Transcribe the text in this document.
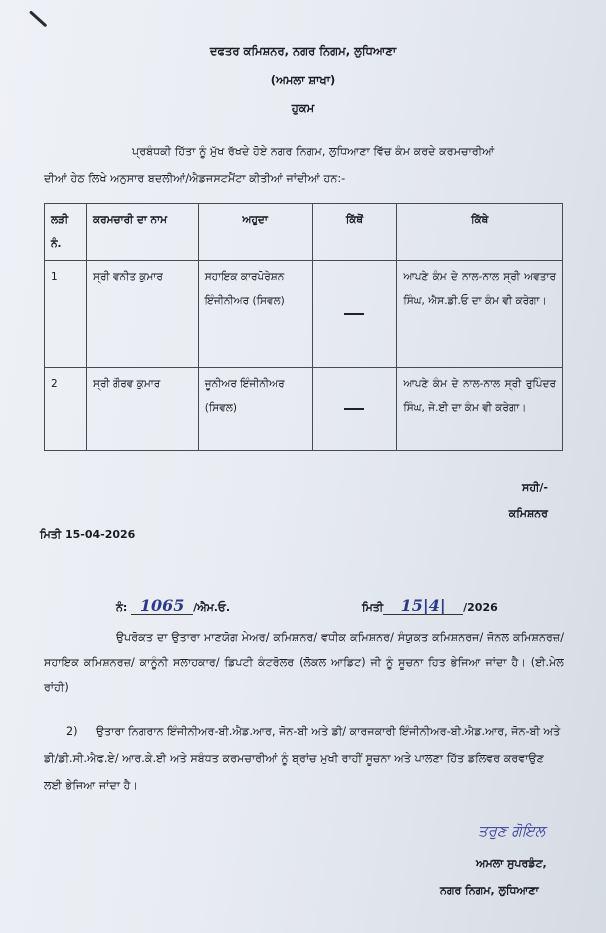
ਦਫਤਰ ਕਮਿਸ਼ਨਰ, ਨਗਰ ਨਿਗਮ, ਲੁਧਿਆਣਾ
(ਅਮਲਾ ਸ਼ਾਖਾ)
ਹੁਕਮ
ਪ੍ਰਬੰਧਕੀ ਹਿੱਤਾ ਨੂੰ ਮੁੱਖ ਰੱਖਦੇ ਹੋਏ ਨਗਰ ਨਿਗਮ, ਲੁਧਿਆਣਾ ਵਿੱਚ ਕੰਮ ਕਰਦੇ ਕਰਮਚਾਰੀਆਂ
ਦੀਆਂ ਹੇਠ ਲਿਖੇ ਅਨੁਸਾਰ ਬਦਲੀਆਂ/ਐਡਜਸਟਮੈਂਟਾ ਕੀਤੀਆਂ ਜਾਂਦੀਆਂ ਹਨ:-
ਲੜੀ ਨੰ.	ਕਰਮਚਾਰੀ ਦਾ ਨਾਮ	ਅਹੁਦਾ	ਕਿੱਥੋਂ	ਕਿੱਥੇ
1	ਸ੍ਰੀ ਵਨੀਤ ਕੁਮਾਰ	ਸਹਾਇਕ ਕਾਰਪੋਰੇਸ਼ਨ ਇੰਜੀਨੀਅਰ (ਸਿਵਲ)		ਆਪਣੇ ਕੰਮ ਦੇ ਨਾਲ-ਨਾਲ ਸ੍ਰੀ ਅਵਤਾਰ ਸਿੰਘ, ਐਸ.ਡੀ.ਓ ਦਾ ਕੰਮ ਵੀ ਕਰੇਗਾ।
2	ਸ੍ਰੀ ਗੌਰਵ ਕੁਮਾਰ	ਜੂਨੀਅਰ ਇੰਜੀਨੀਅਰ (ਸਿਵਲ)		ਆਪਣੇ ਕੰਮ ਦੇ ਨਾਲ-ਨਾਲ ਸ੍ਰੀ ਰੁਪਿੰਦਰ ਸਿੰਘ, ਜੇ.ਈ ਦਾ ਕੰਮ ਵੀ ਕਰੇਗਾ।
ਸਹੀ/-
ਕਮਿਸ਼ਨਰ
ਮਿਤੀ 15-04-2026
ਨੰ: 1065 /ਐਮ.ਓ.	ਮਿਤੀ 15|4| /2026
ਉਪਰੋਕਤ ਦਾ ਉਤਾਰਾ ਮਾਣਯੋਗ ਮੇਅਰ/ ਕਮਿਸ਼ਨਰ/ ਵਧੀਕ ਕਮਿਸ਼ਨਰ/ ਸੰਯੁਕਤ ਕਮਿਸ਼ਨਰਜ/ ਜੋਨਲ ਕਮਿਸ਼ਨਰਜ਼/ ਸਹਾਇਕ ਕਮਿਸ਼ਨਰਜ਼/ ਕਾਨੂੰਨੀ ਸਲਾਹਕਾਰ/ ਡਿਪਟੀ ਕੰਟਰੋਲਰ (ਲੋਕਲ ਆਡਿਟ) ਜੀ ਨੂੰ ਸੂਚਨਾ ਹਿਤ ਭੇਜਿਆ ਜਾਂਦਾ ਹੈ। (ਈ.ਮੇਲ ਰਾਂਹੀ)
2) ਉਤਾਰਾ ਨਿਗਰਾਨ ਇੰਜੀਨੀਅਰ-ਬੀ.ਐਡ.ਆਰ, ਜੋਨ-ਬੀ ਅਤੇ ਡੀ/ ਕਾਰਜਕਾਰੀ ਇੰਜੀਨੀਅਰ-ਬੀ.ਐਡ.ਆਰ, ਜੋਨ-ਬੀ ਅਤੇ ਡੀ/ਡੀ.ਸੀ.ਐਫ.ਏ/ ਆਰ.ਕੇ.ਈ ਅਤੇ ਸਬੰਧਤ ਕਰਮਚਾਰੀਆਂ ਨੂੰ ਬ੍ਰਾਂਚ ਮੁਖੀ ਰਾਹੀਂ ਸੂਚਨਾ ਅਤੇ ਪਾਲਣਾ ਹਿੱਤ ਡਲਿਵਰ ਕਰਵਾਉਣ ਲਈ ਭੇਜਿਆ ਜਾਂਦਾ ਹੈ।
ਤਰੁਣ ਗੋਇਲ
ਅਮਲਾ ਸੁਪਰਡੰਟ,
ਨਗਰ ਨਿਗਮ, ਲੁਧਿਆਣਾ
